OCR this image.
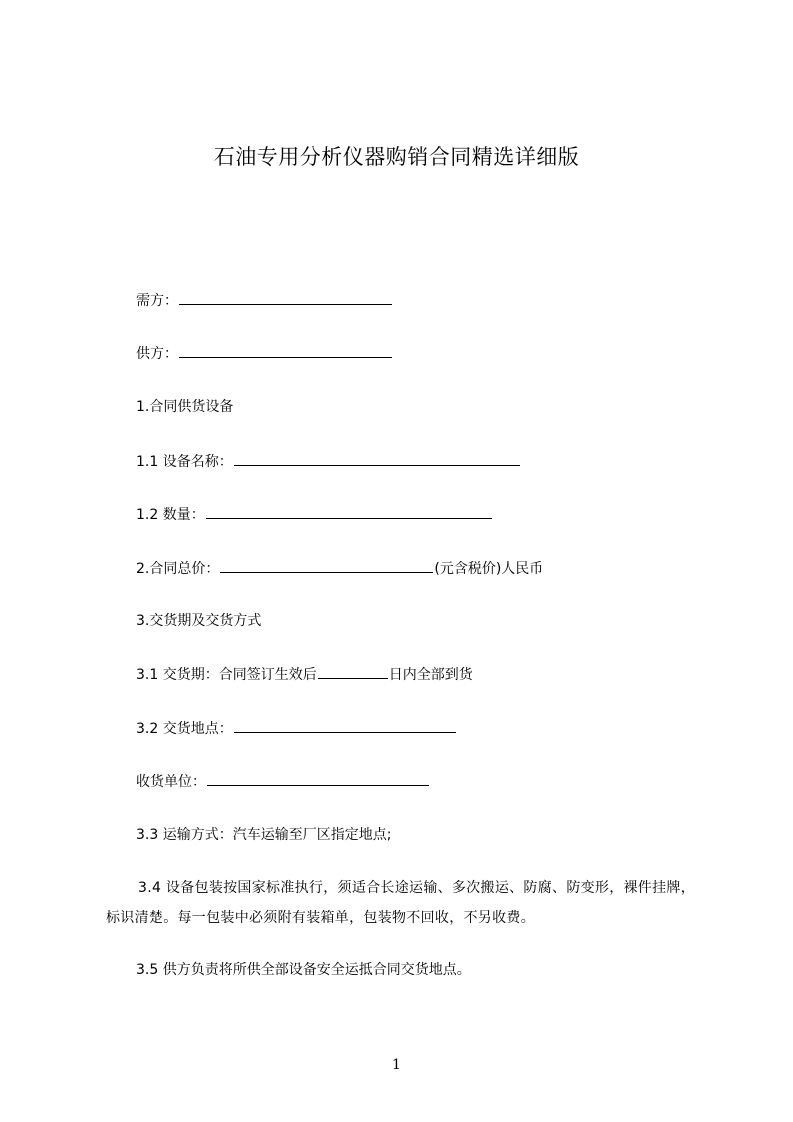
石油专用分析仪器购销合同精选详细版
需方：
供方：
1.合同供货设备
1.1 设备名称：
1.2 数量：
2.合同总价：	(元含税价)人民币
3.交货期及交货方式
3.1 交货期：合同签订生效后	日内全部到货
3.2 交货地点：
收货单位：
3.3 运输方式：汽车运输至厂区指定地点;
3.4 设备包装按国家标准执行，须适合长途运输、多次搬运、防腐、防变形，裸件挂牌，标识清楚。每一包装中必须附有装箱单，包装物不回收，不另收费。
3.5 供方负责将所供全部设备安全运抵合同交货地点。
1
